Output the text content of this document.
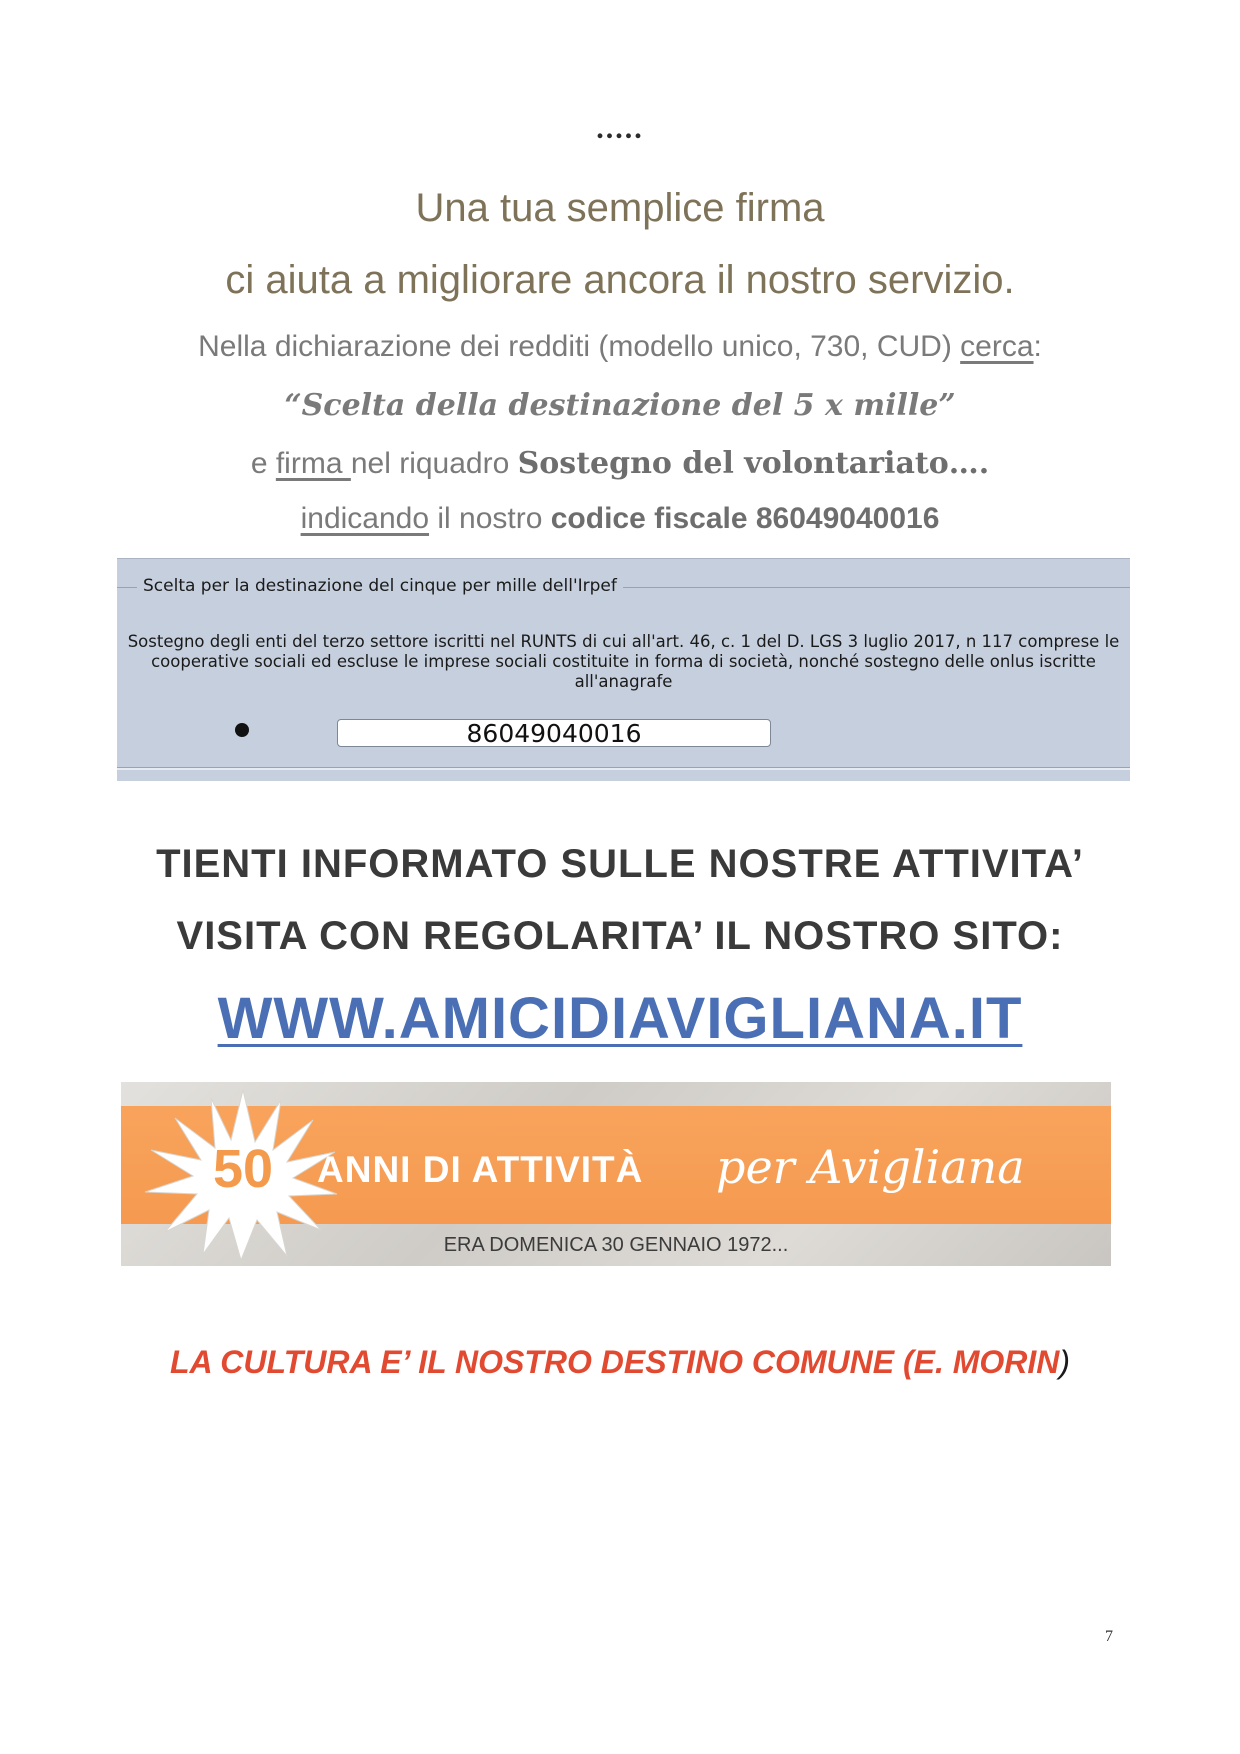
.....
Una tua semplice firma
ci aiuta a migliorare ancora il nostro servizio.
Nella dichiarazione dei redditi (modello unico, 730, CUD) cerca:
“Scelta della destinazione del 5 x mille”
e firma nel riquadro Sostegno del volontariato….
indicando il nostro codice fiscale 86049040016
Scelta per la destinazione del cinque per mille dell'Irpef
Sostegno degli enti del terzo settore iscritti nel RUNTS di cui all'art. 46, c. 1 del D. LGS 3 luglio 2017, n 117 comprese le cooperative sociali ed escluse le imprese sociali costituite in forma di società, nonché sostegno delle onlus iscritte all'anagrafe
86049040016
TIENTI INFORMATO SULLE NOSTRE ATTIVITA’
VISITA CON REGOLARITA’ IL NOSTRO SITO:
WWW.AMICIDIAVIGLIANA.IT
50	ANNI DI ATTIVITÀ per Avigliana
ERA DOMENICA 30 GENNAIO 1972...
LA CULTURA E’ IL NOSTRO DESTINO COMUNE (E. MORIN)
7
